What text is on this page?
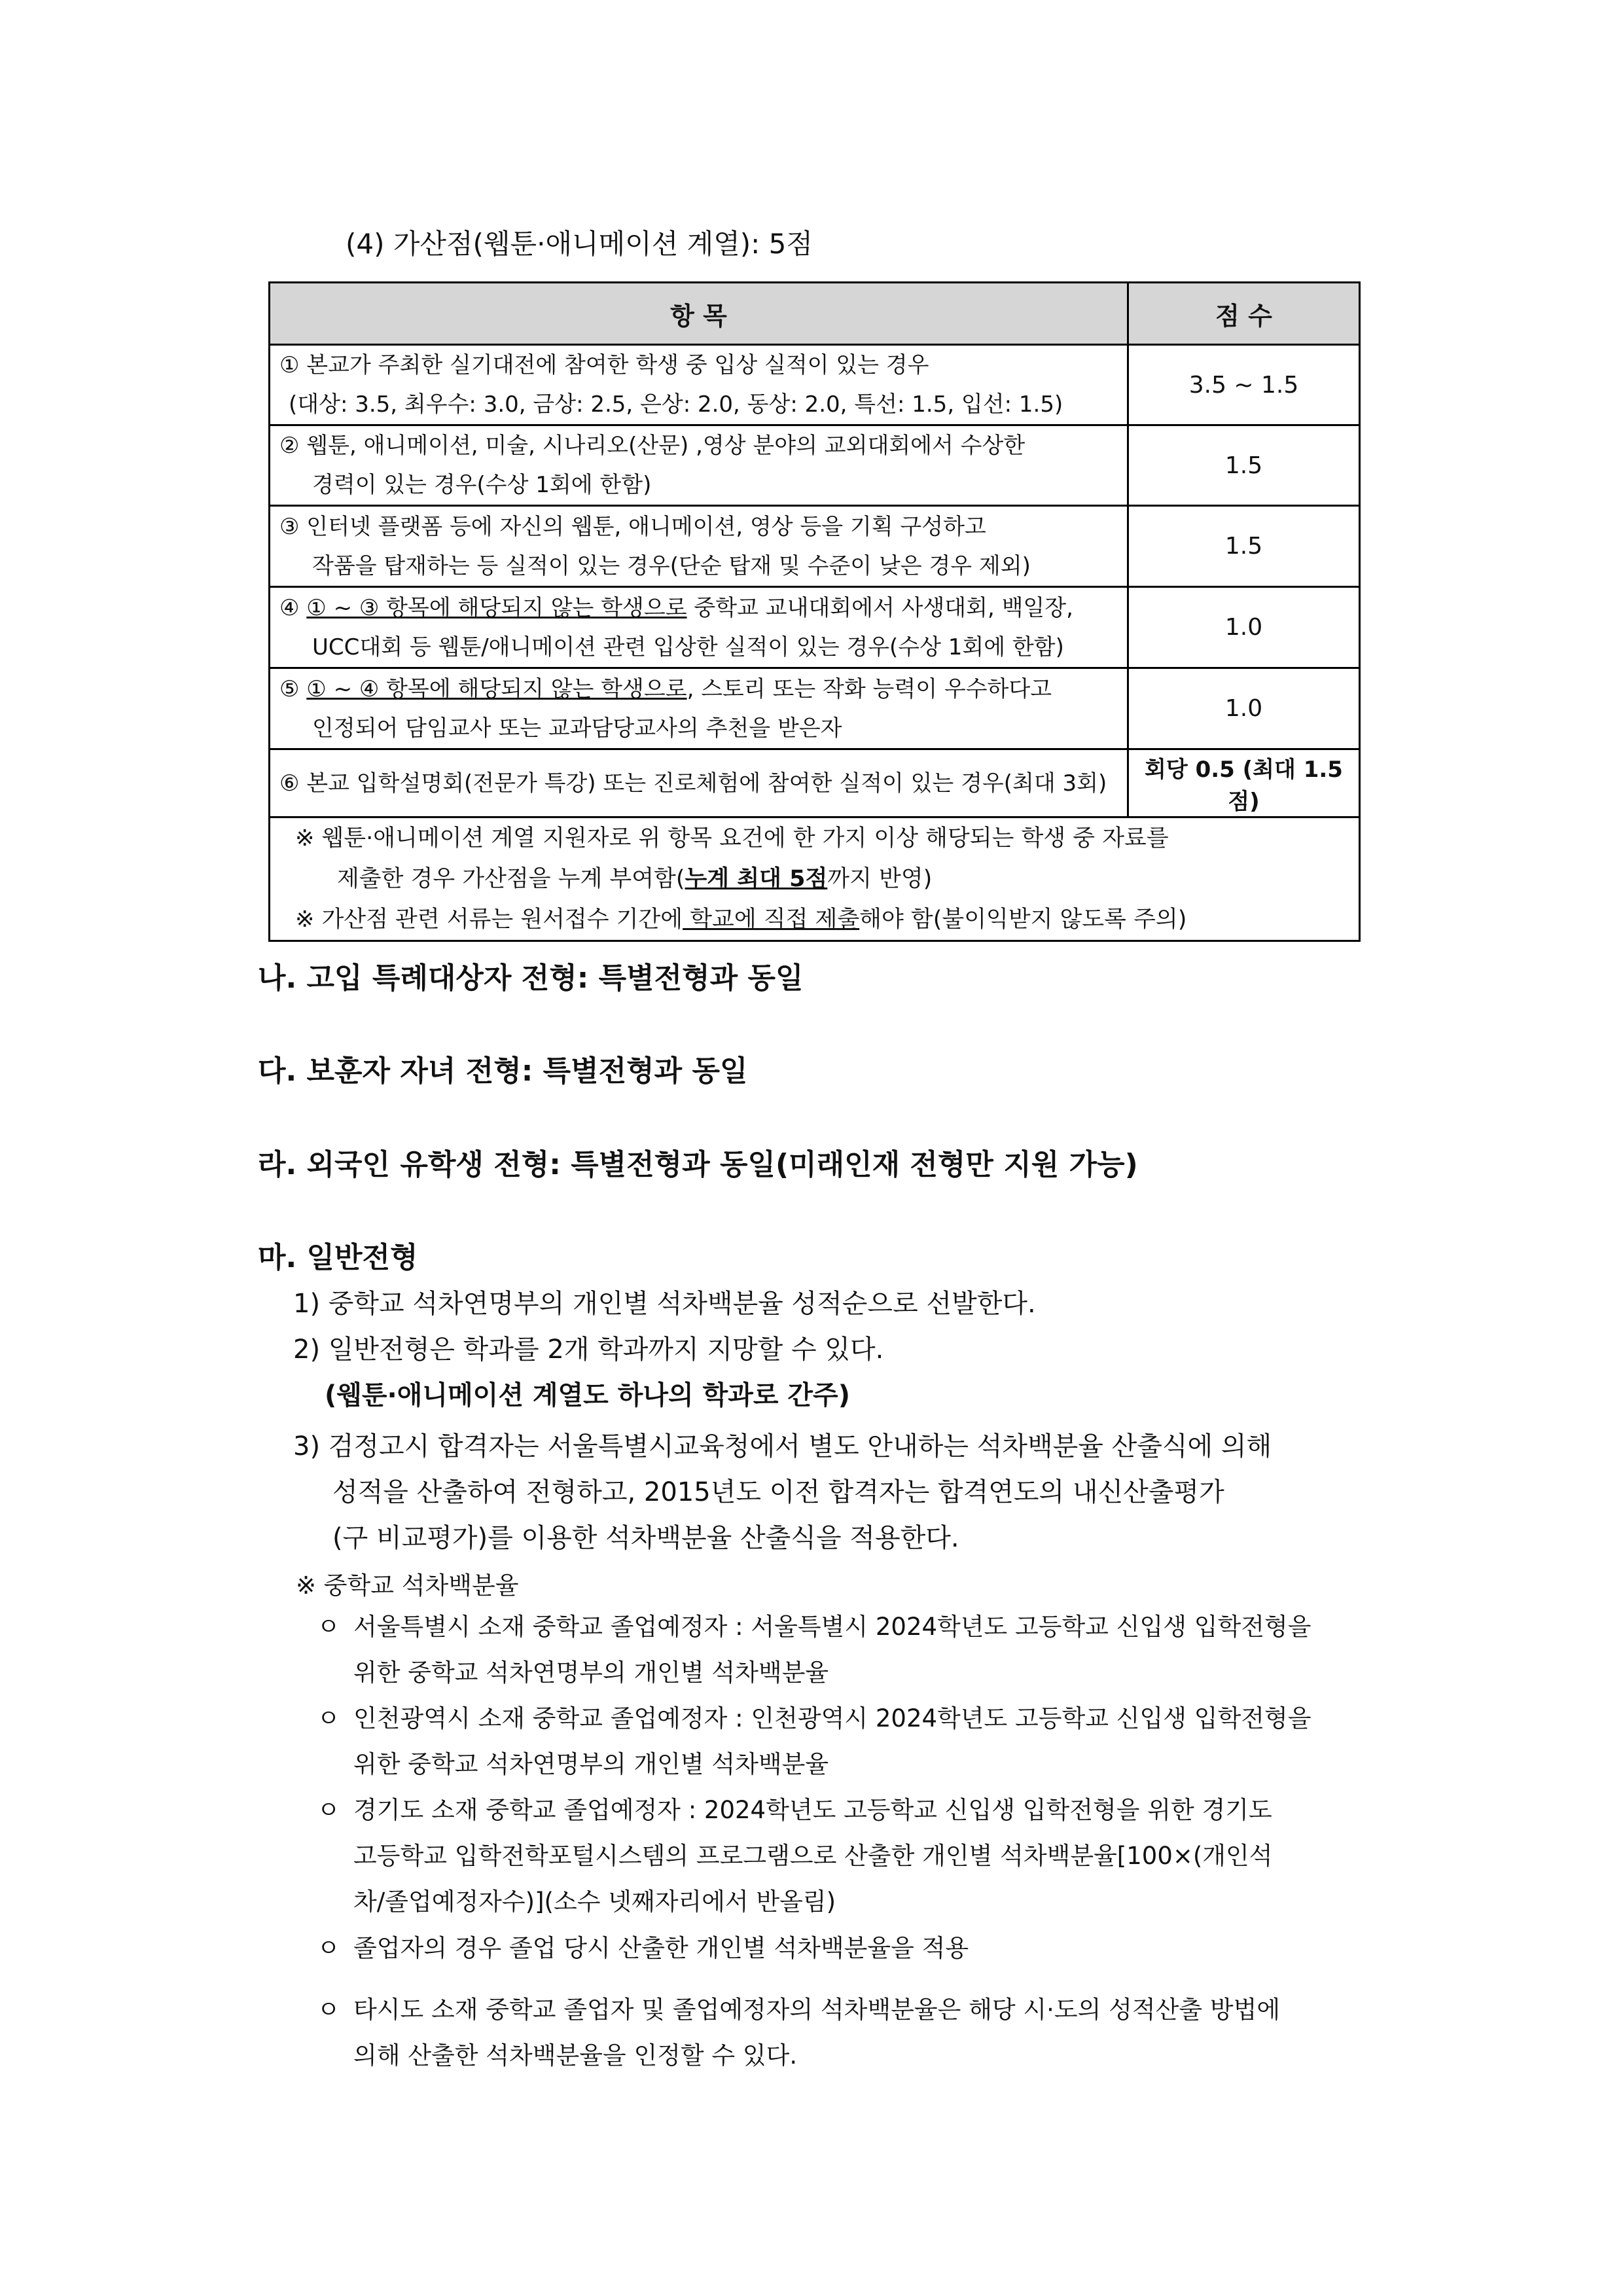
(4) 가산점(웹툰·애니메이션 계열): 5점
항 목	점 수

① 본교가 주최한 실기대전에 참여한 학생 중 입상 실적이 있는 경우
(대상: 3.5, 최우수: 3.0, 금상: 2.5, 은상: 2.0, 동상: 2.0, 특선: 1.5, 입선: 1.5)	3.5 ~ 1.5

② 웹툰, 애니메이션, 미술, 시나리오(산문) ,영상 분야의 교외대회에서 수상한
경력이 있는 경우(수상 1회에 한함)	1.5

③ 인터넷 플랫폼 등에 자신의 웹툰, 애니메이션, 영상 등을 기획 구성하고
작품을 탑재하는 등 실적이 있는 경우(단순 탑재 및 수준이 낮은 경우 제외)	1.5

④ ① ~ ③ 항목에 해당되지 않는 학생으로 중학교 교내대회에서 사생대회, 백일장,
UCC대회 등 웹툰/애니메이션 관련 입상한 실적이 있는 경우(수상 1회에 한함)	1.0

⑤ ① ~ ④ 항목에 해당되지 않는 학생으로, 스토리 또는 작화 능력이 우수하다고
인정되어 담임교사 또는 교과담당교사의 추천을 받은자	1.0

⑥ 본교 입학설명회(전문가 특강) 또는 진로체험에 참여한 실적이 있는 경우(최대 3회)	회당 0.5 (최대 1.5점)

※ 웹툰·애니메이션 계열 지원자로 위 항목 요건에 한 가지 이상 해당되는 학생 중 자료를
제출한 경우 가산점을 누계 부여함(누계 최대 5점까지 반영)
※ 가산점 관련 서류는 원서접수 기간에 학교에 직접 제출해야 함(불이익받지 않도록 주의)	
나. 고입 특례대상자 전형: 특별전형과 동일
다. 보훈자 자녀 전형: 특별전형과 동일
라. 외국인 유학생 전형: 특별전형과 동일(미래인재 전형만 지원 가능)
마. 일반전형
1) 중학교 석차연명부의 개인별 석차백분율 성적순으로 선발한다.
2) 일반전형은 학과를 2개 학과까지 지망할 수 있다.
(웹툰·애니메이션 계열도 하나의 학과로 간주)
3) 검정고시 합격자는 서울특별시교육청에서 별도 안내하는 석차백분율 산출식에 의해
성적을 산출하여 전형하고, 2015년도 이전 합격자는 합격연도의 내신산출평가
(구 비교평가)를 이용한 석차백분율 산출식을 적용한다.
※ 중학교 석차백분율
ㅇ 서울특별시 소재 중학교 졸업예정자 : 서울특별시 2024학년도 고등학교 신입생 입학전형을
위한 중학교 석차연명부의 개인별 석차백분율
ㅇ 인천광역시 소재 중학교 졸업예정자 : 인천광역시 2024학년도 고등학교 신입생 입학전형을
위한 중학교 석차연명부의 개인별 석차백분율
ㅇ 경기도 소재 중학교 졸업예정자 : 2024학년도 고등학교 신입생 입학전형을 위한 경기도
고등학교 입학전학포털시스템의 프로그램으로 산출한 개인별 석차백분율[100×(개인석
차/졸업예정자수)](소수 넷째자리에서 반올림)
ㅇ 졸업자의 경우 졸업 당시 산출한 개인별 석차백분율을 적용
ㅇ 타시도 소재 중학교 졸업자 및 졸업예정자의 석차백분율은 해당 시·도의 성적산출 방법에
의해 산출한 석차백분율을 인정할 수 있다.
